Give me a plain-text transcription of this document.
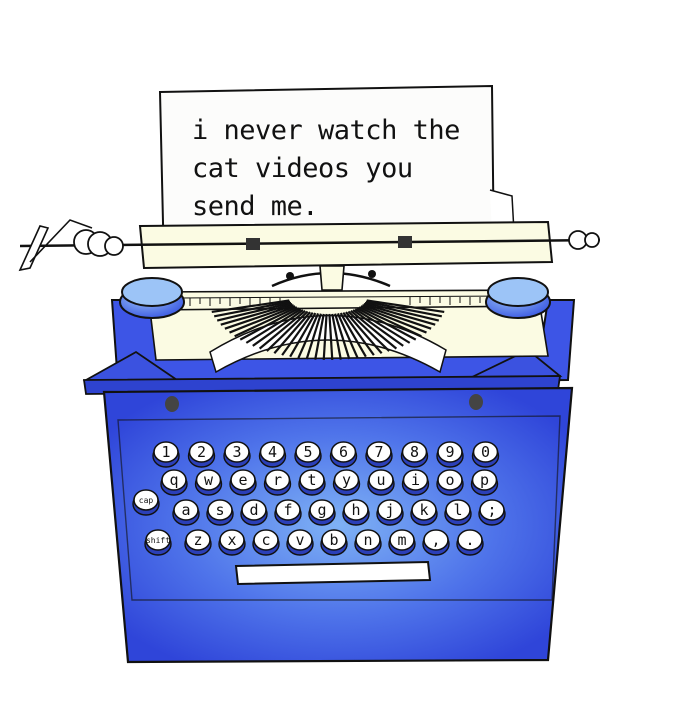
1 2 3 4 5 6 7 8 9 0
q w e r t y u i o p
a s d f g h j k l ;
z x c v b n m , .
cap
shift
i never watch the
cat videos you
send me.
